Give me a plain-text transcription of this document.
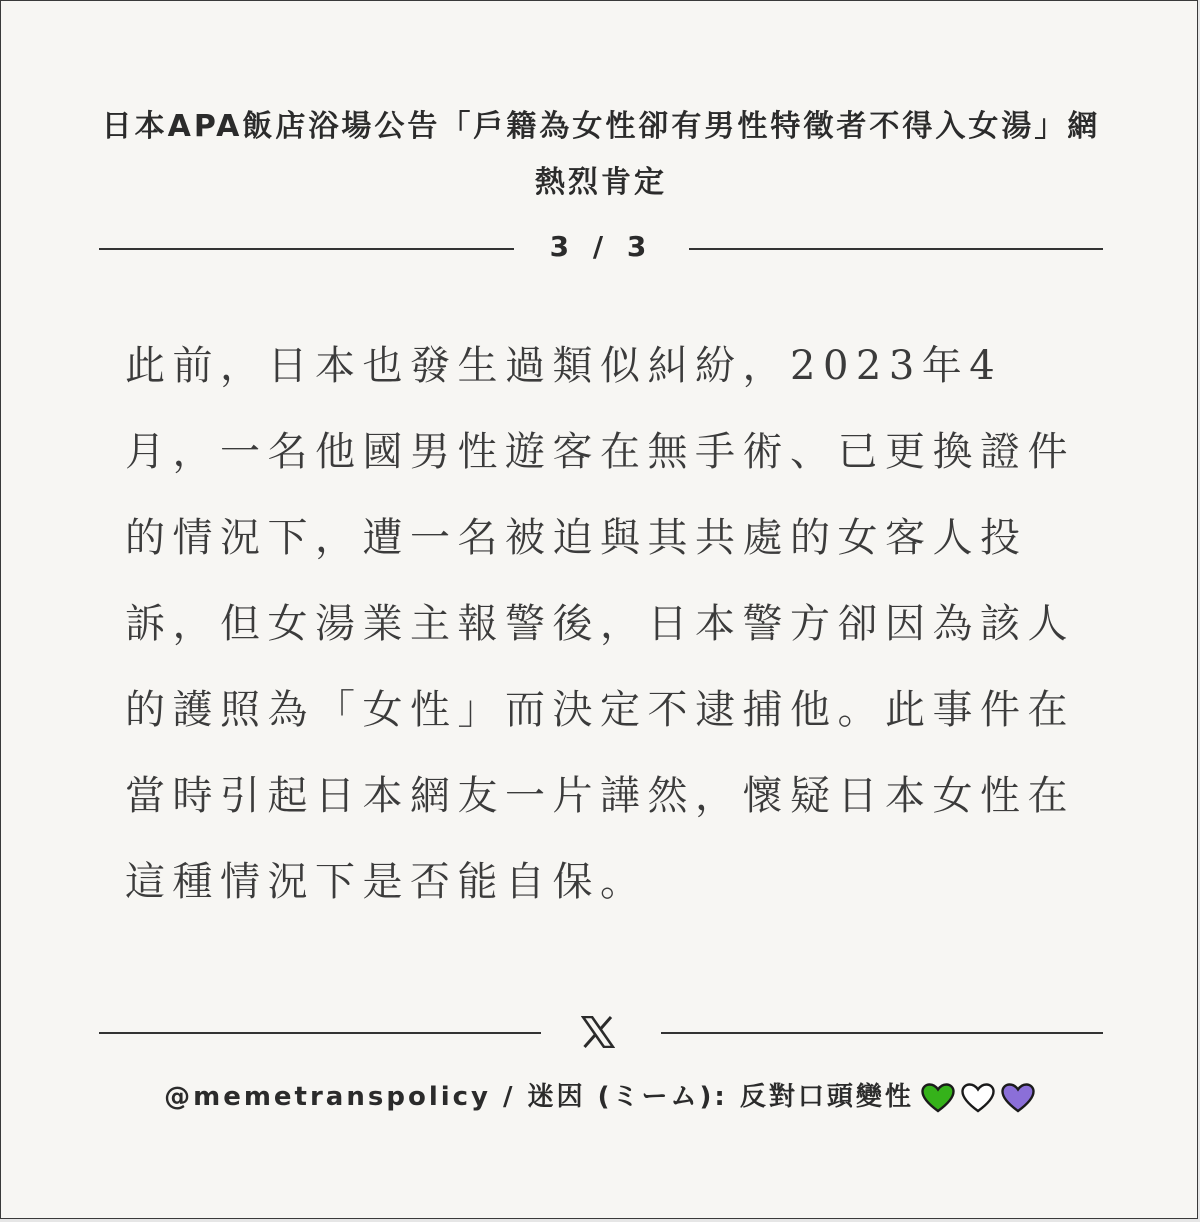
日本APA飯店浴場公告「戶籍為女性卻有男性特徵者不得入女湯」網熱烈肯定
3 / 3
此前，日本也發生過類似糾紛，2023年4月，一名他國男性遊客在無手術、已更換證件的情況下，遭一名被迫與其共處的女客人投訴，但女湯業主報警後，日本警方卻因為該人的護照為「女性」而決定不逮捕他。此事件在當時引起日本網友一片譁然，懷疑日本女性在這種情況下是否能自保。
@memetranspolicy / 迷因 (ミーム): 反對口頭變性
